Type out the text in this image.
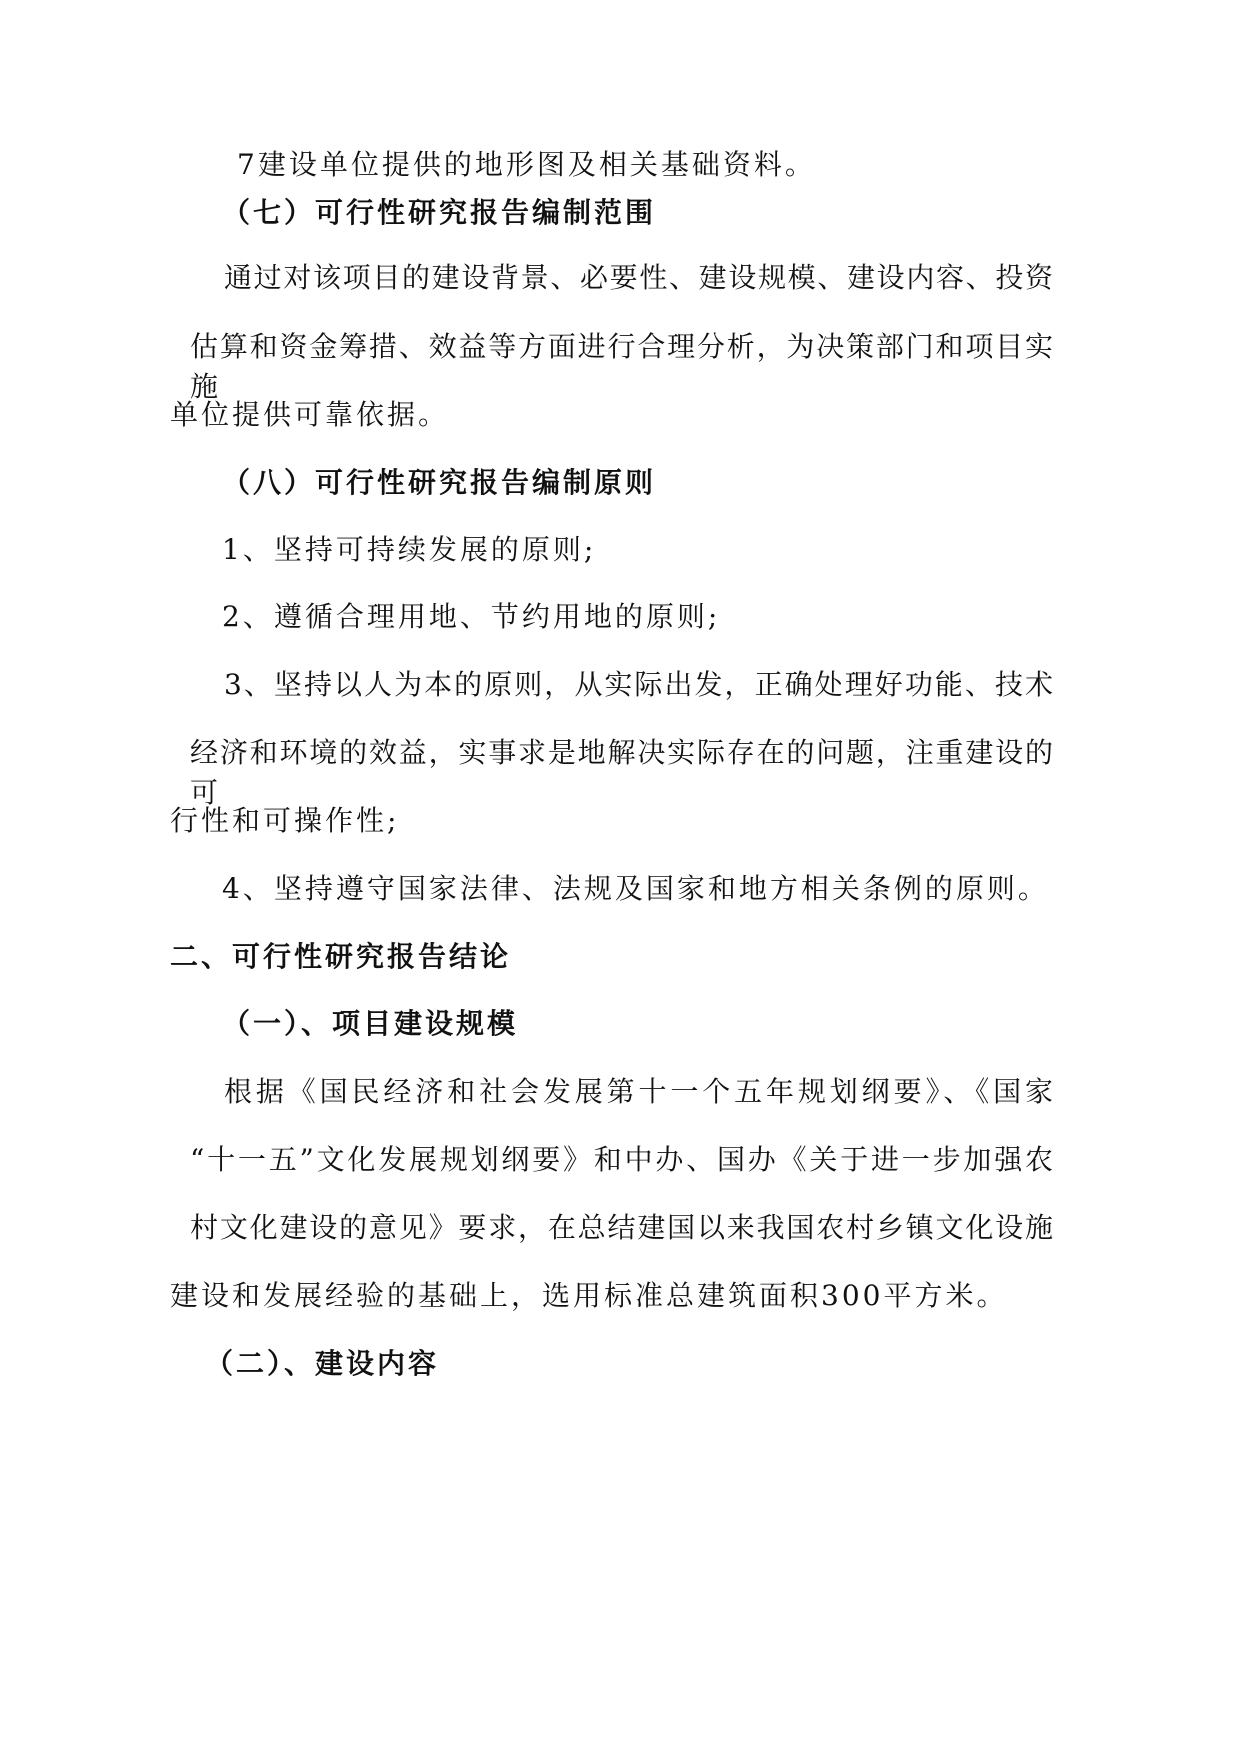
7建设单位提供的地形图及相关基础资料。

（七）可行性研究报告编制范围

通过对该项目的建设背景、必要性、建设规模、建设内容、投资

估算和资金筹措、效益等方面进行合理分析，为决策部门和项目实施

单位提供可靠依据。

（八）可行性研究报告编制原则

1、坚持可持续发展的原则;

2、遵循合理用地、节约用地的原则;

3、坚持以人为本的原则，从实际出发，正确处理好功能、技术

经济和环境的效益，实事求是地解决实际存在的问题，注重建设的可

行性和可操作性;

4、坚持遵守国家法律、法规及国家和地方相关条例的原则。

二、可行性研究报告结论

（一）、项目建设规模

根据《国民经济和社会发展第十一个五年规划纲要》、《国家

“十一五”文化发展规划纲要》和中办、国办《关于进一步加强农

村文化建设的意见》要求，在总结建国以来我国农村乡镇文化设施

建设和发展经验的基础上，选用标准总建筑面积300平方米。

（二）、建设内容
